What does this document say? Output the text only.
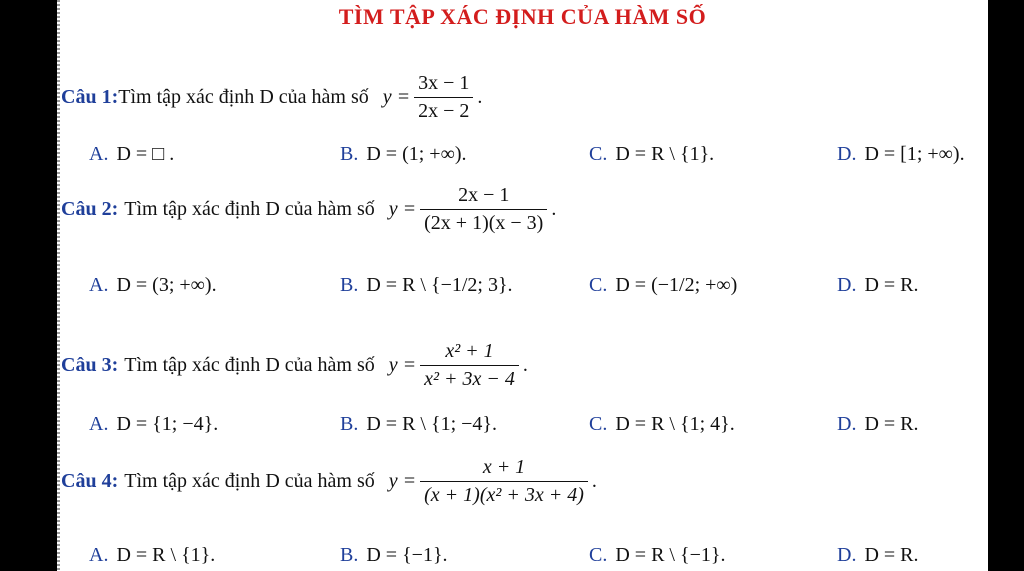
TÌM TẬP XÁC ĐỊNH CỦA HÀM SỐ
Câu 1: Tìm tập xác định D của hàm số $y = \frac{3x - 1}{2x - 2}$ .
A. D = □ .	B. D = (1; +∞).	C. D = R \ {1}.	D. D = [1; +∞).
Câu 2: Tìm tập xác định D của hàm số $y = \frac{2x - 1}{(2x + 1)(x - 3)}$ .
A. D = (3; +∞).	B. D = R \ {−1/2; 3}.	C. D = (−1/2; +∞)	D. D = R.
Câu 3: Tìm tập xác định D của hàm số $y = \frac{\text{x² + 1}}{\text{x² + 3x − 4}}$ .
A. D = {1; −4}.	B. D = R \ {1; −4}.	C. D = R \ {1; 4}.	D. D = R.
Câu 4: Tìm tập xác định D của hàm số $y = \frac{x + 1}{\text{(x + 1)(x² + 3x + 4)}}$ .
A. D = R \ {1}.	B. D = {−1}.	C. D = R \ {−1}.	D. D = R.
